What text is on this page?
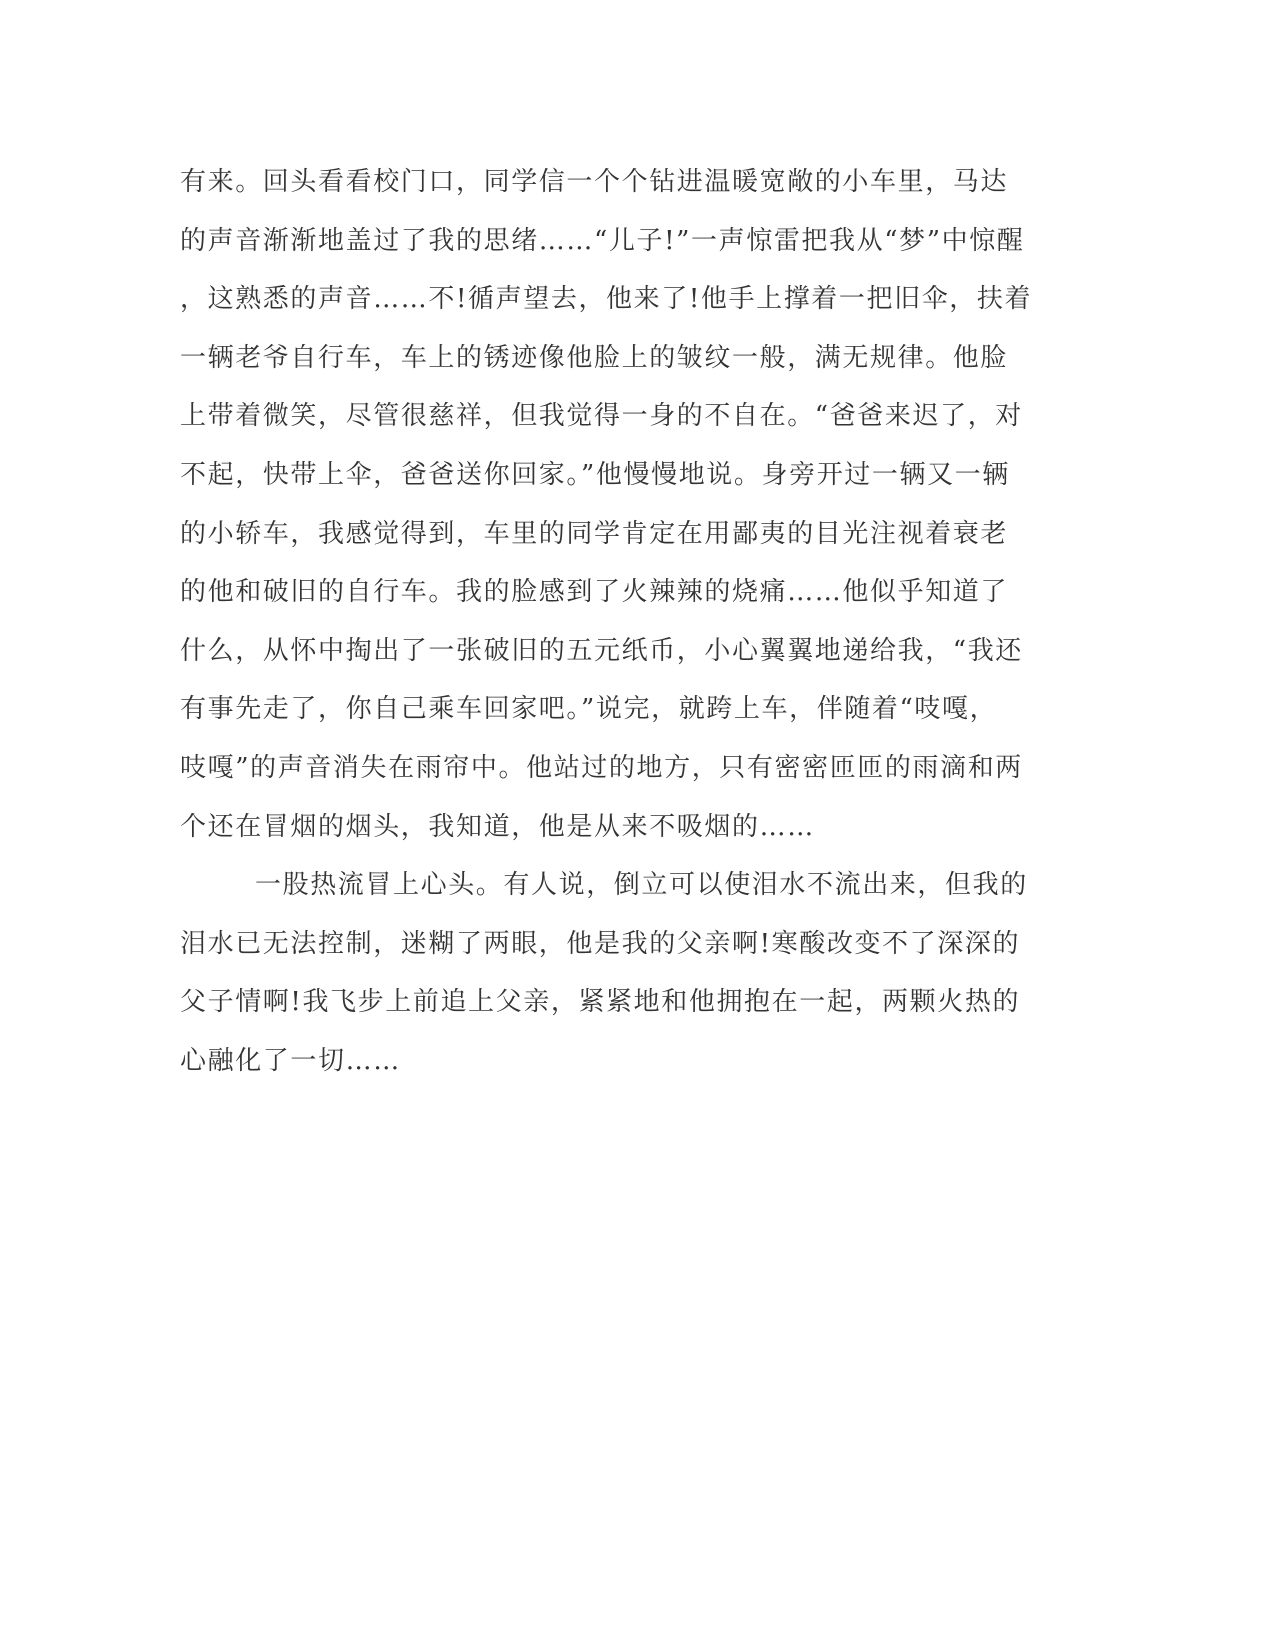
有来。回头看看校门口，同学信一个个钻进温暖宽敞的小车里，马达
的声音渐渐地盖过了我的思绪……“儿子!”一声惊雷把我从“梦”中惊醒
，这熟悉的声音……不!循声望去，他来了!他手上撑着一把旧伞，扶着
一辆老爷自行车，车上的锈迹像他脸上的皱纹一般，满无规律。他脸
上带着微笑，尽管很慈祥，但我觉得一身的不自在。“爸爸来迟了，对
不起，快带上伞，爸爸送你回家。”他慢慢地说。身旁开过一辆又一辆
的小轿车，我感觉得到，车里的同学肯定在用鄙夷的目光注视着衰老
的他和破旧的自行车。我的脸感到了火辣辣的烧痛……他似乎知道了
什么，从怀中掏出了一张破旧的五元纸币，小心翼翼地递给我，“我还
有事先走了，你自己乘车回家吧。”说完，就跨上车，伴随着“吱嘎，
吱嘎”的声音消失在雨帘中。他站过的地方，只有密密匝匝的雨滴和两
个还在冒烟的烟头，我知道，他是从来不吸烟的……
一股热流冒上心头。有人说，倒立可以使泪水不流出来，但我的
泪水已无法控制，迷糊了两眼，他是我的父亲啊!寒酸改变不了深深的
父子情啊!我飞步上前追上父亲，紧紧地和他拥抱在一起，两颗火热的
心融化了一切……
